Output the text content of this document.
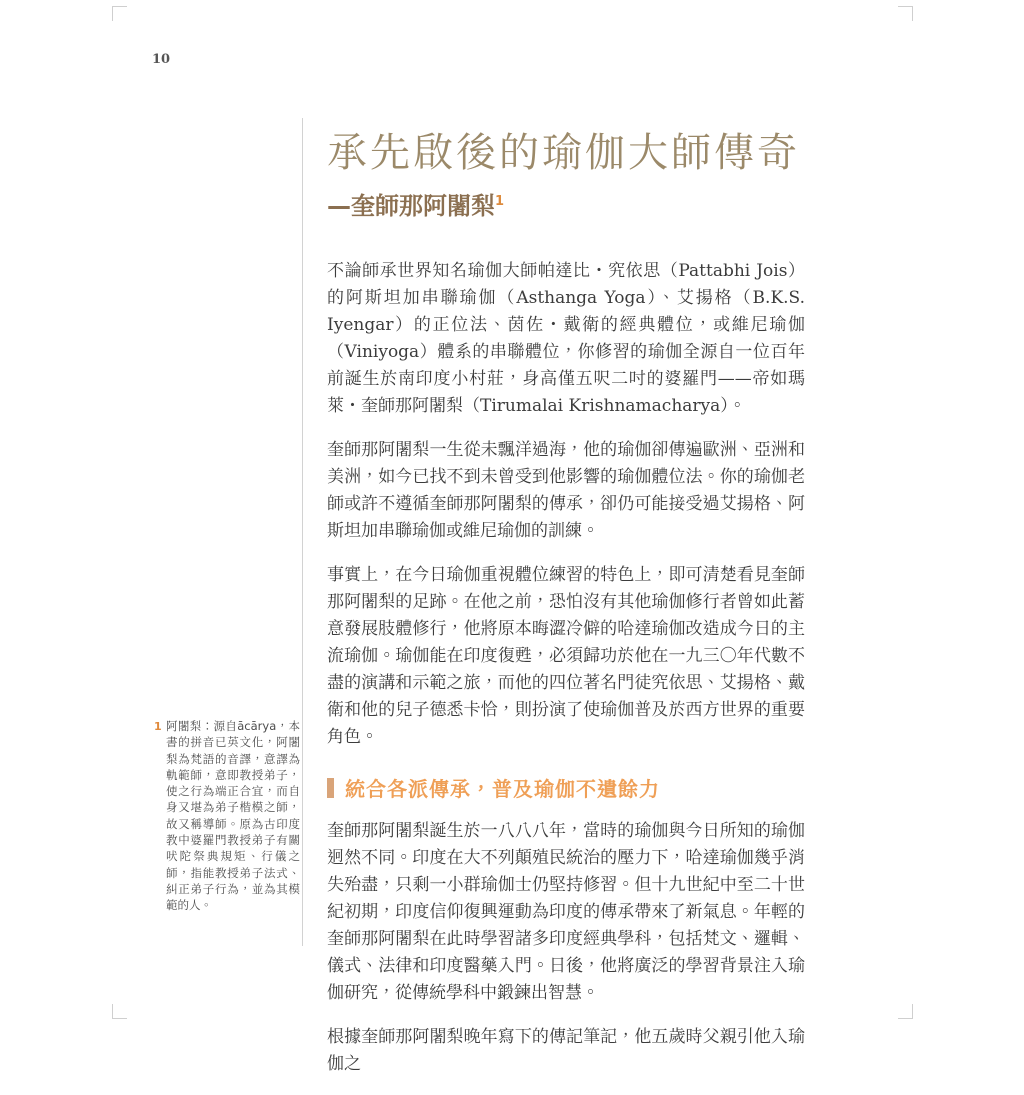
10
承先啟後的瑜伽大師傳奇
—奎師那阿闍梨$^1$

不論師承世界知名瑜伽大師帕達比・究依思（Pattabhi Jois）的阿斯坦加串聯瑜伽（Asthanga Yoga）、艾揚格（B.K.S. Iyengar）的正位法、茵佐・戴衛的經典體位，或維尼瑜伽（Viniyoga）體系的串聯體位，你修習的瑜伽全源自一位百年前誕生於南印度小村莊，身高僅五呎二吋的婆羅門——帝如瑪萊・奎師那阿闍梨（Tirumalai Krishnamacharya）。

奎師那阿闍梨一生從未飄洋過海，他的瑜伽卻傳遍歐洲、亞洲和美洲，如今已找不到未曾受到他影響的瑜伽體位法。你的瑜伽老師或許不遵循奎師那阿闍梨的傳承，卻仍可能接受過艾揚格、阿斯坦加串聯瑜伽或維尼瑜伽的訓練。

事實上，在今日瑜伽重視體位練習的特色上，即可清楚看見奎師那阿闍梨的足跡。在他之前，恐怕沒有其他瑜伽修行者曾如此蓄意發展肢體修行，他將原本晦澀冷僻的哈達瑜伽改造成今日的主流瑜伽。瑜伽能在印度復甦，必須歸功於他在一九三〇年代數不盡的演講和示範之旅，而他的四位著名門徒究依思、艾揚格、戴衛和他的兒子德悉卡恰，則扮演了使瑜伽普及於西方世界的重要角色。

統合各派傳承，普及瑜伽不遺餘力

奎師那阿闍梨誕生於一八八八年，當時的瑜伽與今日所知的瑜伽迥然不同。印度在大不列顛殖民統治的壓力下，哈達瑜伽幾乎消失殆盡，只剩一小群瑜伽士仍堅持修習。但十九世紀中至二十世紀初期，印度信仰復興運動為印度的傳承帶來了新氣息。年輕的奎師那阿闍梨在此時學習諸多印度經典學科，包括梵文、邏輯、儀式、法律和印度醫藥入門。日後，他將廣泛的學習背景注入瑜伽研究，從傳統學科中鍛鍊出智慧。

根據奎師那阿闍梨晚年寫下的傳記筆記，他五歲時父親引他入瑜伽之

1 阿闍梨：源自ācārya，本書的拼音已英文化，阿闍梨為梵語的音譯，意譯為軌範師，意即教授弟子，使之行為端正合宜，而自身又堪為弟子楷模之師，故又稱導師。原為古印度教中婆羅門教授弟子有關吠陀祭典規矩、行儀之師，指能教授弟子法式、糾正弟子行為，並為其模範的人。
